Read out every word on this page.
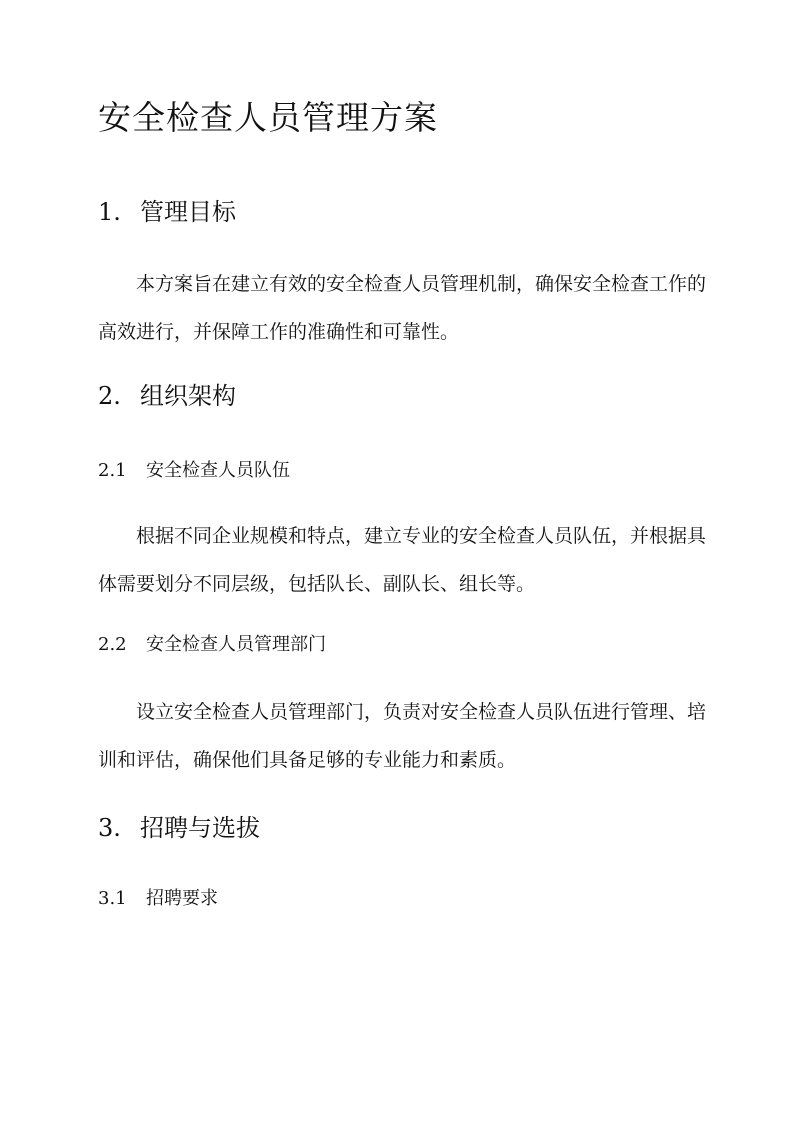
安全检查人员管理方案
1. 管理目标
本方案旨在建立有效的安全检查人员管理机制，确保安全检查工作的高效进行，并保障工作的准确性和可靠性。
2. 组织架构
2.1 安全检查人员队伍
根据不同企业规模和特点，建立专业的安全检查人员队伍，并根据具体需要划分不同层级，包括队长、副队长、组长等。
2.2 安全检查人员管理部门
设立安全检查人员管理部门，负责对安全检查人员队伍进行管理、培训和评估，确保他们具备足够的专业能力和素质。
3. 招聘与选拔
3.1 招聘要求
